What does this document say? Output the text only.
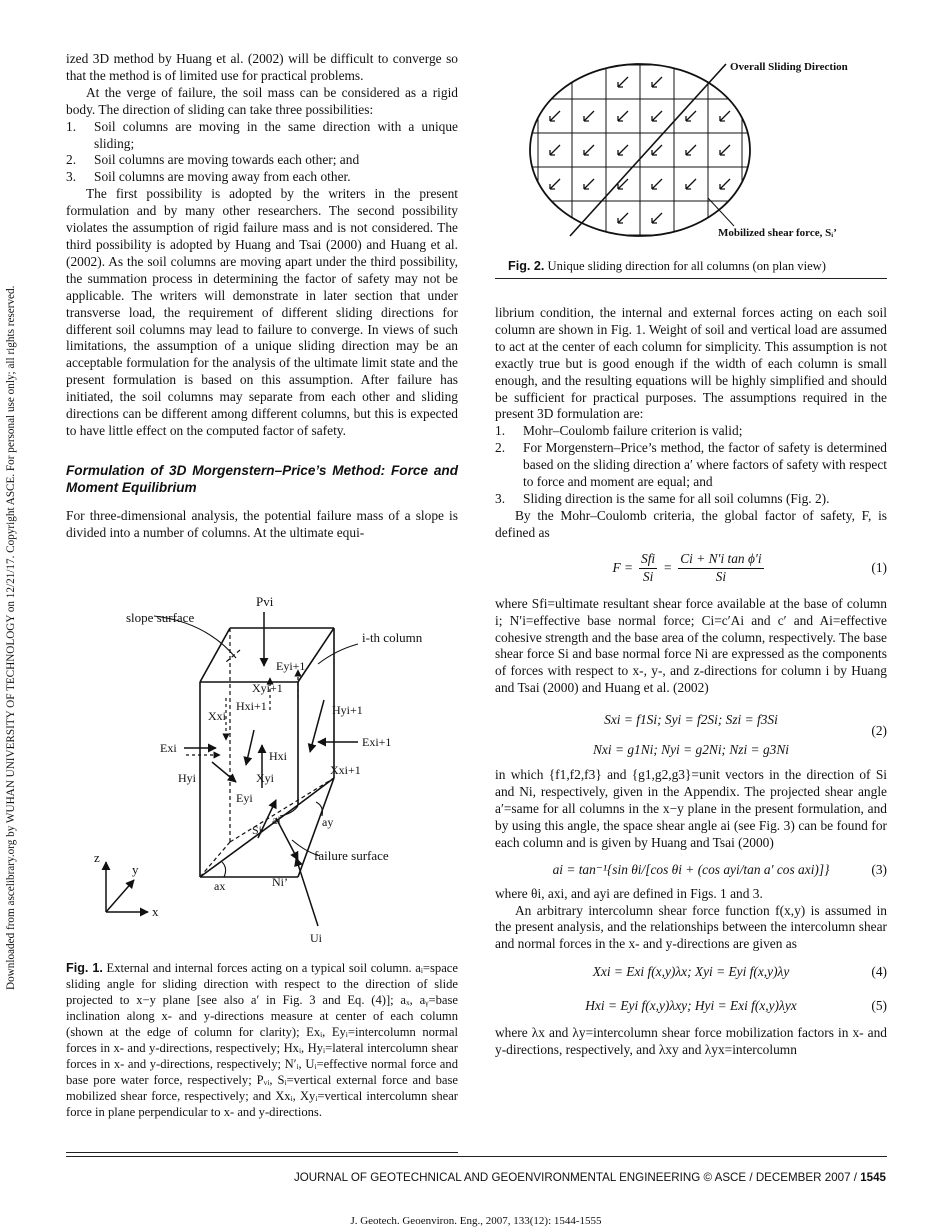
Downloaded from ascelibrary.org by WUHAN UNIVERSITY OF TECHNOLOGY on 12/21/17. Copyright ASCE. For personal use only; all rights reserved.

ized 3D method by Huang et al. (2002) will be difficult to converge so that the method is of limited use for practical problems.

At the verge of failure, the soil mass can be considered as a rigid body. The direction of sliding can take three possibilities:

1.	Soil columns are moving in the same direction with a unique sliding;
2.	Soil columns are moving towards each other; and
3.	Soil columns are moving away from each other.

The first possibility is adopted by the writers in the present formulation and by many other researchers. The second possibility violates the assumption of rigid failure mass and is not considered. The third possibility is adopted by Huang and Tsai (2000) and Huang et al. (2002). As the soil columns are moving apart under the third possibility, the summation process in determining the factor of safety may not be applicable. The writers will demonstrate in later section that under transverse load, the requirement of different sliding directions for different soil columns may lead to failure to converge. In views of such limitations, the assumption of a unique sliding direction may be an acceptable formulation for the analysis of the ultimate limit state and the present formulation is based on this assumption. After failure has initiated, the soil columns may separate from each other and sliding directions can be different among different columns, but this is expected to have little effect on the computed factor of safety.

Formulation of 3D Morgenstern–Price’s Method: Force and Moment Equilibrium

For three-dimensional analysis, the potential failure mass of a slope is divided into a number of columns. At the ultimate equi-

slope surface
Pvi
i-th column
Eyi+1
Xyi+1
Hxi+1	Hyi+1
Xxi
Exi
Hyi
Hxi
Xyi
Eyi
Exi+1
Xxi+1
ai
Si
ay
ax	Ni’
Ui
failure surface
z
y
x
Fig. 1. External and internal forces acting on a typical soil column. aᵢ=space sliding angle for sliding direction with respect to the direction of slide projected to x−y plane [see also a′ in Fig. 3 and Eq. (4)]; aₓ, aᵧ=base inclination along x- and y-directions measure at center of each column (shown at the edge of column for clarity); Exᵢ, Eyᵢ=intercolumn normal forces in x- and y-directions, respectively; Hxᵢ, Hyᵢ=lateral intercolumn shear forces in x- and y-directions, respectively; N′ᵢ, Uᵢ=effective normal force and base pore water force, respectively; Pᵥᵢ, Sᵢ=vertical external force and base mobilized shear force, respectively; and Xxᵢ, Xyᵢ=vertical intercolumn shear force in plane perpendicular to x- and y-directions.
Overall Sliding Direction
Mobilized shear force, Sᵢ’
Fig. 2. Unique sliding direction for all columns (on plan view)

librium condition, the internal and external forces acting on each soil column are shown in Fig. 1. Weight of soil and vertical load are assumed to act at the center of each column for simplicity. This assumption is not exactly true but is good enough if the width of each column is small enough, and the resulting equations will be highly simplified and should be sufficient for practical purposes. The assumptions required in the present 3D formulation are:

1.	Mohr–Coulomb failure criterion is valid;
2.	For Morgenstern–Price’s method, the factor of safety is determined based on the sliding direction a′ where factors of safety with respect to force and moment are equal; and
3.	Sliding direction is the same for all soil columns (Fig. 2).

By the Mohr–Coulomb criteria, the global factor of safety, F, is defined as

F =
Sfi
Si
= $\frac{\text{Ci + N′i tan ϕ′i}}{Si}$	(1)

where Sfi=ultimate resultant shear force available at the base of column i; N′i=effective base normal force; Ci=c′Ai and c′ and Ai=effective cohesive strength and the base area of the column, respectively. The base shear force Si and base normal force Ni are expressed as the components of forces with respect to x-, y-, and z-directions for column i by Huang and Tsai (2000) and Huang et al. (2002)

Sxi = f1Si; Syi = f2Si; Szi = f3Si
Nxi = g1Ni; Nyi = g2Ni; Nzi = g3Ni
(2)

in which {f1,f2,f3} and {g1,g2,g3}=unit vectors in the direction of Si and Ni, respectively, given in the Appendix. The projected shear angle a′=same for all columns in the x−y plane in the present formulation, and by using this angle, the space shear angle ai (see Fig. 3) can be found for each column and is given by Huang and Tsai (2000)

ai = tan⁻¹{sin θi/[cos θi + (cos ayi/tan a′ cos axi)]}	(3)

where θi, axi, and ayi are defined in Figs. 1 and 3.

An arbitrary intercolumn shear force function f(x,y) is assumed in the present analysis, and the relationships between the intercolumn shear and normal forces in the x- and y-directions are given as

Xxi = Exi f(x,y)λx; Xyi = Eyi f(x,y)λy	(4)
Hxi = Eyi f(x,y)λxy; Hyi = Exi f(x,y)λyx	(5)

where λx and λy=intercolumn shear force mobilization factors in x- and y-directions, respectively, and λxy and λyx=intercolumn

JOURNAL OF GEOTECHNICAL AND GEOENVIRONMENTAL ENGINEERING © ASCE / DECEMBER 2007 / 1545
J. Geotech. Geoenviron. Eng., 2007, 133(12): 1544-1555
